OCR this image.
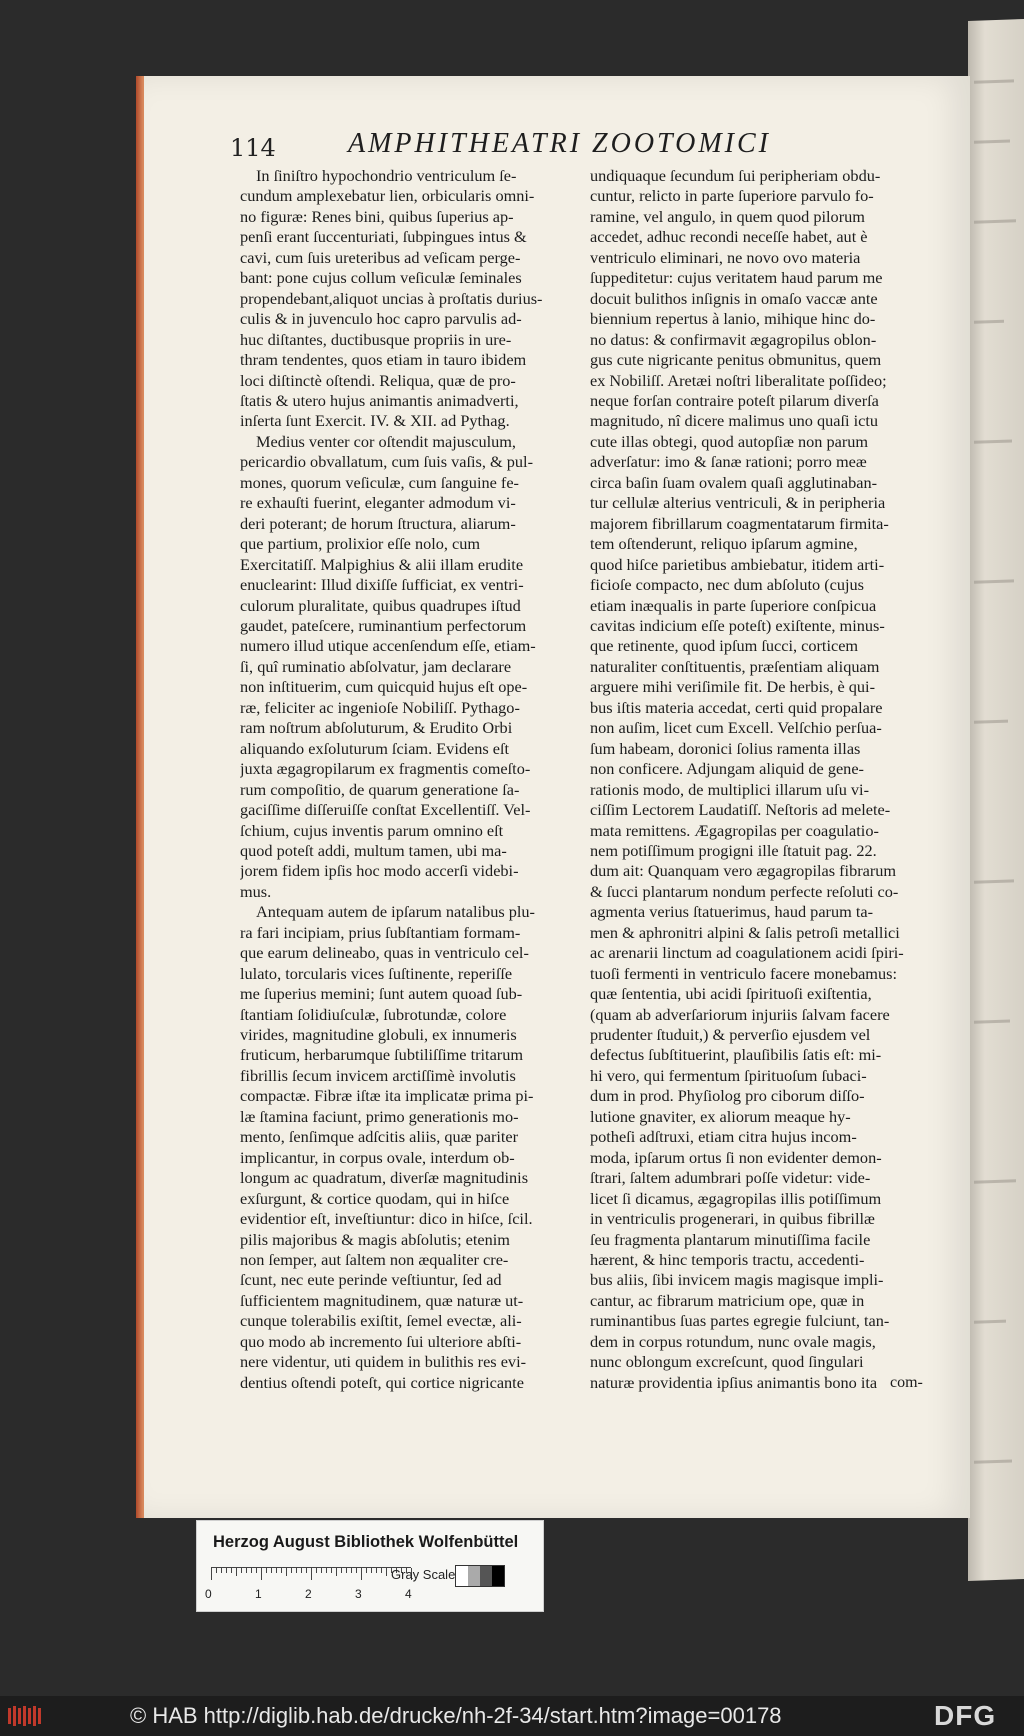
114	AMPHITHEATRI ZOOTOMICI
In ſiniſtro hypochondrio ventriculum ſe-
cundum amplexebatur lien, orbicularis omni-
no figuræ: Renes bini, quibus ſuperius ap-
penſi erant ſuccenturiati, ſubpingues intus &
cavi, cum ſuis ureteribus ad veſicam perge-
bant: pone cujus collum veſiculæ ſeminales
propendebant,aliquot uncias à proſtatis durius-
culis & in juvenculo hoc capro parvulis ad-
huc diſtantes, ductibusque propriis in ure-
thram tendentes, quos etiam in tauro ibidem
loci diſtinctè oſtendi. Reliqua, quæ de pro-
ſtatis & utero hujus animantis animadverti,
inſerta ſunt Exercit. IV. & XII. ad Pythag.
Medius venter cor oſtendit majusculum,
pericardio obvallatum, cum ſuis vaſis, & pul-
mones, quorum veſiculæ, cum ſanguine fe-
re exhauſti fuerint, eleganter admodum vi-
deri poterant; de horum ſtructura, aliarum-
que partium, prolixior eſſe nolo, cum
Exercitatiſſ. Malpighius & alii illam erudite
enuclearint: Illud dixiſſe ſufficiat, ex ventri-
culorum pluralitate, quibus quadrupes iſtud
gaudet, pateſcere, ruminantium perfectorum
numero illud utique accenſendum eſſe, etiam-
ſi, quî ruminatio abſolvatur, jam declarare
non inſtituerim, cum quicquid hujus eſt ope-
ræ, feliciter ac ingenioſe Nobiliſſ. Pythago-
ram noſtrum abſoluturum, & Erudito Orbi
aliquando exſoluturum ſciam. Evidens eſt
juxta ægagropilarum ex fragmentis comeſto-
rum compoſitio, de quarum generatione ſa-
gaciſſime diſſeruiſſe conſtat Excellentiſſ. Vel-
ſchium, cujus inventis parum omnino eſt
quod poteſt addi, multum tamen, ubi ma-
jorem fidem ipſis hoc modo accerſi videbi-
mus.
Antequam autem de ipſarum natalibus plu-
ra fari incipiam, prius ſubſtantiam formam-
que earum delineabo, quas in ventriculo cel-
lulato, torcularis vices ſuſtinente, reperiſſe
me ſuperius memini; ſunt autem quoad ſub-
ſtantiam ſolidiuſculæ, ſubrotundæ, colore
virides, magnitudine globuli, ex innumeris
fruticum, herbarumque ſubtiliſſime tritarum
fibrillis ſecum invicem arctiſſimè involutis
compactæ. Fibræ iſtæ ita implicatæ prima pi-
læ ſtamina faciunt, primo generationis mo-
mento, ſenſimque adſcitis aliis, quæ pariter
implicantur, in corpus ovale, interdum ob-
longum ac quadratum, diverſæ magnitudinis
exſurgunt, & cortice quodam, qui in hiſce
evidentior eſt, inveſtiuntur: dico in hiſce, ſcil.
pilis majoribus & magis abſolutis; etenim
non ſemper, aut ſaltem non æqualiter cre-
ſcunt, nec eute perinde veſtiuntur, ſed ad
ſufficientem magnitudinem, quæ naturæ ut-
cunque tolerabilis exiſtit, ſemel evectæ, ali-
quo modo ab incremento ſui ulteriore abſti-
nere videntur, uti quidem in bulithis res evi-
dentius oſtendi poteſt, qui cortice nigricante
undiquaque ſecundum ſui peripheriam obdu-
cuntur, relicto in parte ſuperiore parvulo fo-
ramine, vel angulo, in quem quod pilorum
accedet, adhuc recondi neceſſe habet, aut è
ventriculo eliminari, ne novo ovo materia
ſuppeditetur: cujus veritatem haud parum me
docuit bulithos inſignis in omaſo vaccæ ante
biennium repertus à lanio, mihique hinc do-
no datus: & confirmavit ægagropilus oblon-
gus cute nigricante penitus obmunitus, quem
ex Nobiliſſ. Aretæi noſtri liberalitate poſſideo;
neque forſan contraire poteſt pilarum diverſa
magnitudo, nî dicere malimus uno quaſi ictu
cute illas obtegi, quod autopſiæ non parum
adverſatur: imo & ſanæ rationi; porro meæ
circa baſin ſuam ovalem quaſi agglutinaban-
tur cellulæ alterius ventriculi, & in peripheria
majorem fibrillarum coagmentatarum firmita-
tem oſtenderunt, reliquo ipſarum agmine,
quod hiſce parietibus ambiebatur, itidem arti-
ficioſe compacto, nec dum abſoluto (cujus
etiam inæqualis in parte ſuperiore conſpicua
cavitas indicium eſſe poteſt) exiſtente, minus-
que retinente, quod ipſum ſucci, corticem
naturaliter conſtituentis, præſentiam aliquam
arguere mihi veriſimile fit. De herbis, è qui-
bus iſtis materia accedat, certi quid propalare
non auſim, licet cum Excell. Velſchio perſua-
ſum habeam, doronici ſolius ramenta illas
non conficere. Adjungam aliquid de gene-
rationis modo, de multiplici illarum uſu vi-
ciſſim Lectorem Laudatiſſ. Neſtoris ad melete-
mata remittens. Ægagropilas per coagulatio-
nem potiſſimum progigni ille ſtatuit pag. 22.
dum ait: Quanquam vero ægagropilas fibrarum
& ſucci plantarum nondum perfecte reſoluti co-
agmenta verius ſtatuerimus, haud parum ta-
men & aphronitri alpini & ſalis petroſi metallici
ac arenarii linctum ad coagulationem acidi ſpiri-
tuoſi fermenti in ventriculo facere monebamus:
quæ ſententia, ubi acidi ſpirituoſi exiſtentia,
(quam ab adverſariorum injuriis ſalvam facere
prudenter ſtuduit,) & perverſio ejusdem vel
defectus ſubſtituerint, plauſibilis ſatis eſt: mi-
hi vero, qui fermentum ſpirituoſum ſubaci-
dum in prod. Phyſiolog pro ciborum diſſo-
lutione gnaviter, ex aliorum meaque hy-
potheſi adſtruxi, etiam citra hujus incom-
moda, ipſarum ortus ſi non evidenter demon-
ſtrari, ſaltem adumbrari poſſe videtur: vide-
licet ſi dicamus, ægagropilas illis potiſſimum
in ventriculis progenerari, in quibus fibrillæ
ſeu fragmenta plantarum minutiſſima facile
hærent, & hinc temporis tractu, accedenti-
bus aliis, ſibi invicem magis magisque impli-
cantur, ac fibrarum matricium ope, quæ in
ruminantibus ſuas partes egregie fulciunt, tan-
dem in corpus rotundum, nunc ovale magis,
nunc oblongum excreſcunt, quod ſingulari
naturæ providentia ipſius animantis bono ita com-
Herzog August Bibliothek Wolfenbüttel
0	1	2	3	4
Gray Scale
© HAB http://diglib.hab.de/drucke/nh-2f-34/start.htm?image=00178	DFG
